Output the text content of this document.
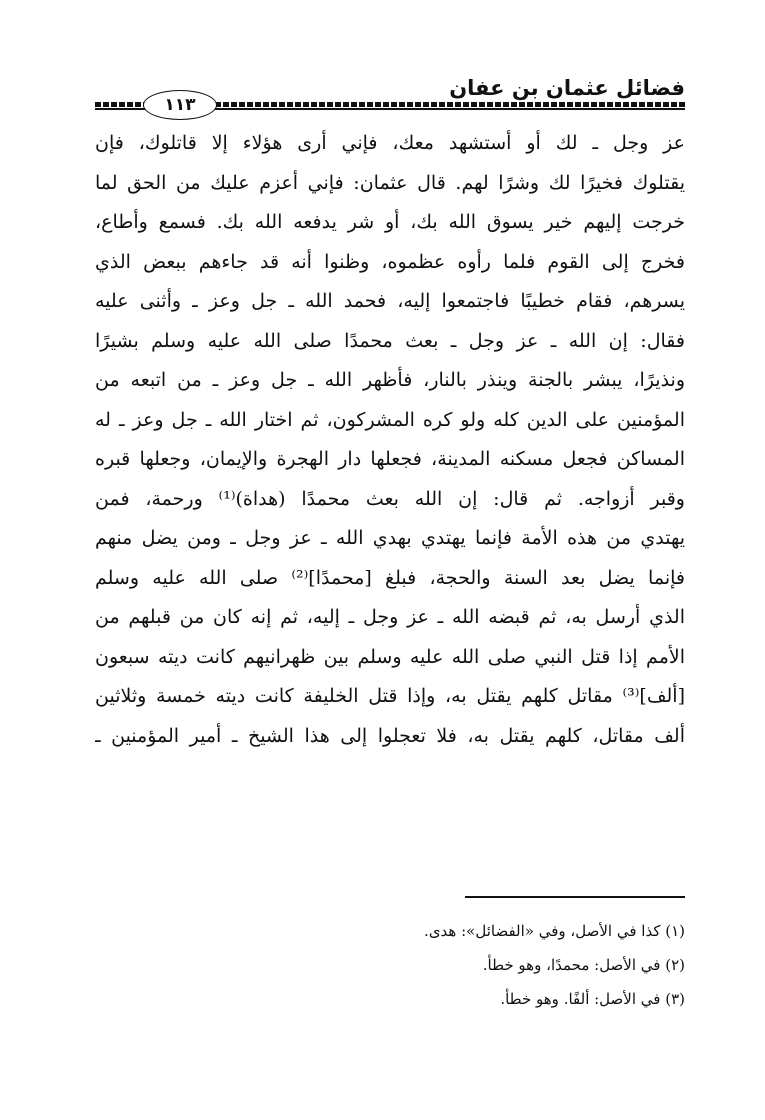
١١٣
فضائل عثمان بن عفان
عز وجل ـ لك أو أستشهد معك، فإني أرى هؤلاء إلا قاتلوك، فإن
يقتلوك فخيرًا لك وشرًا لهم. قال عثمان: فإني أعزم عليك من الحق لما
خرجت إليهم خير يسوق الله بك، أو شر يدفعه الله بك. فسمع وأطاع،
فخرج إلى القوم فلما رأوه عظموه، وظنوا أنه قد جاءهم ببعض الذي
يسرهم، فقام خطيبًا فاجتمعوا إليه، فحمد الله ـ جل وعز ـ وأثنى عليه
فقال: إن الله ـ عز وجل ـ بعث محمدًا صلى الله عليه وسلم بشيرًا
ونذيرًا، يبشر بالجنة وينذر بالنار، فأظهر الله ـ جل وعز ـ من اتبعه من
المؤمنين على الدين كله ولو كره المشركون، ثم اختار الله ـ جل وعز ـ له
المساكن فجعل مسكنه المدينة، فجعلها دار الهجرة والإيمان، وجعلها قبره
وقبر أزواجه. ثم قال: إن الله بعث محمدًا (هداة)⁽¹⁾ ورحمة، فمن
يهتدي من هذه الأمة فإنما يهتدي بهدي الله ـ عز وجل ـ ومن يضل منهم
فإنما يضل بعد السنة والحجة، فبلغ [محمدًا]⁽²⁾ صلى الله عليه وسلم
الذي أرسل به، ثم قبضه الله ـ عز وجل ـ إليه، ثم إنه كان من قبلهم من
الأمم إذا قتل النبي صلى الله عليه وسلم بين ظهرانيهم كانت ديته سبعون
[ألف]⁽³⁾ مقاتل كلهم يقتل به، وإذا قتل الخليفة كانت ديته خمسة وثلاثين
ألف مقاتل، كلهم يقتل به، فلا تعجلوا إلى هذا الشيخ ـ أمير المؤمنين ـ
(١) كذا في الأصل، وفي «الفضائل»: هدى.
(٢) في الأصل: محمدًا، وهو خطأ.
(٣) في الأصل: ألفًا. وهو خطأ.
